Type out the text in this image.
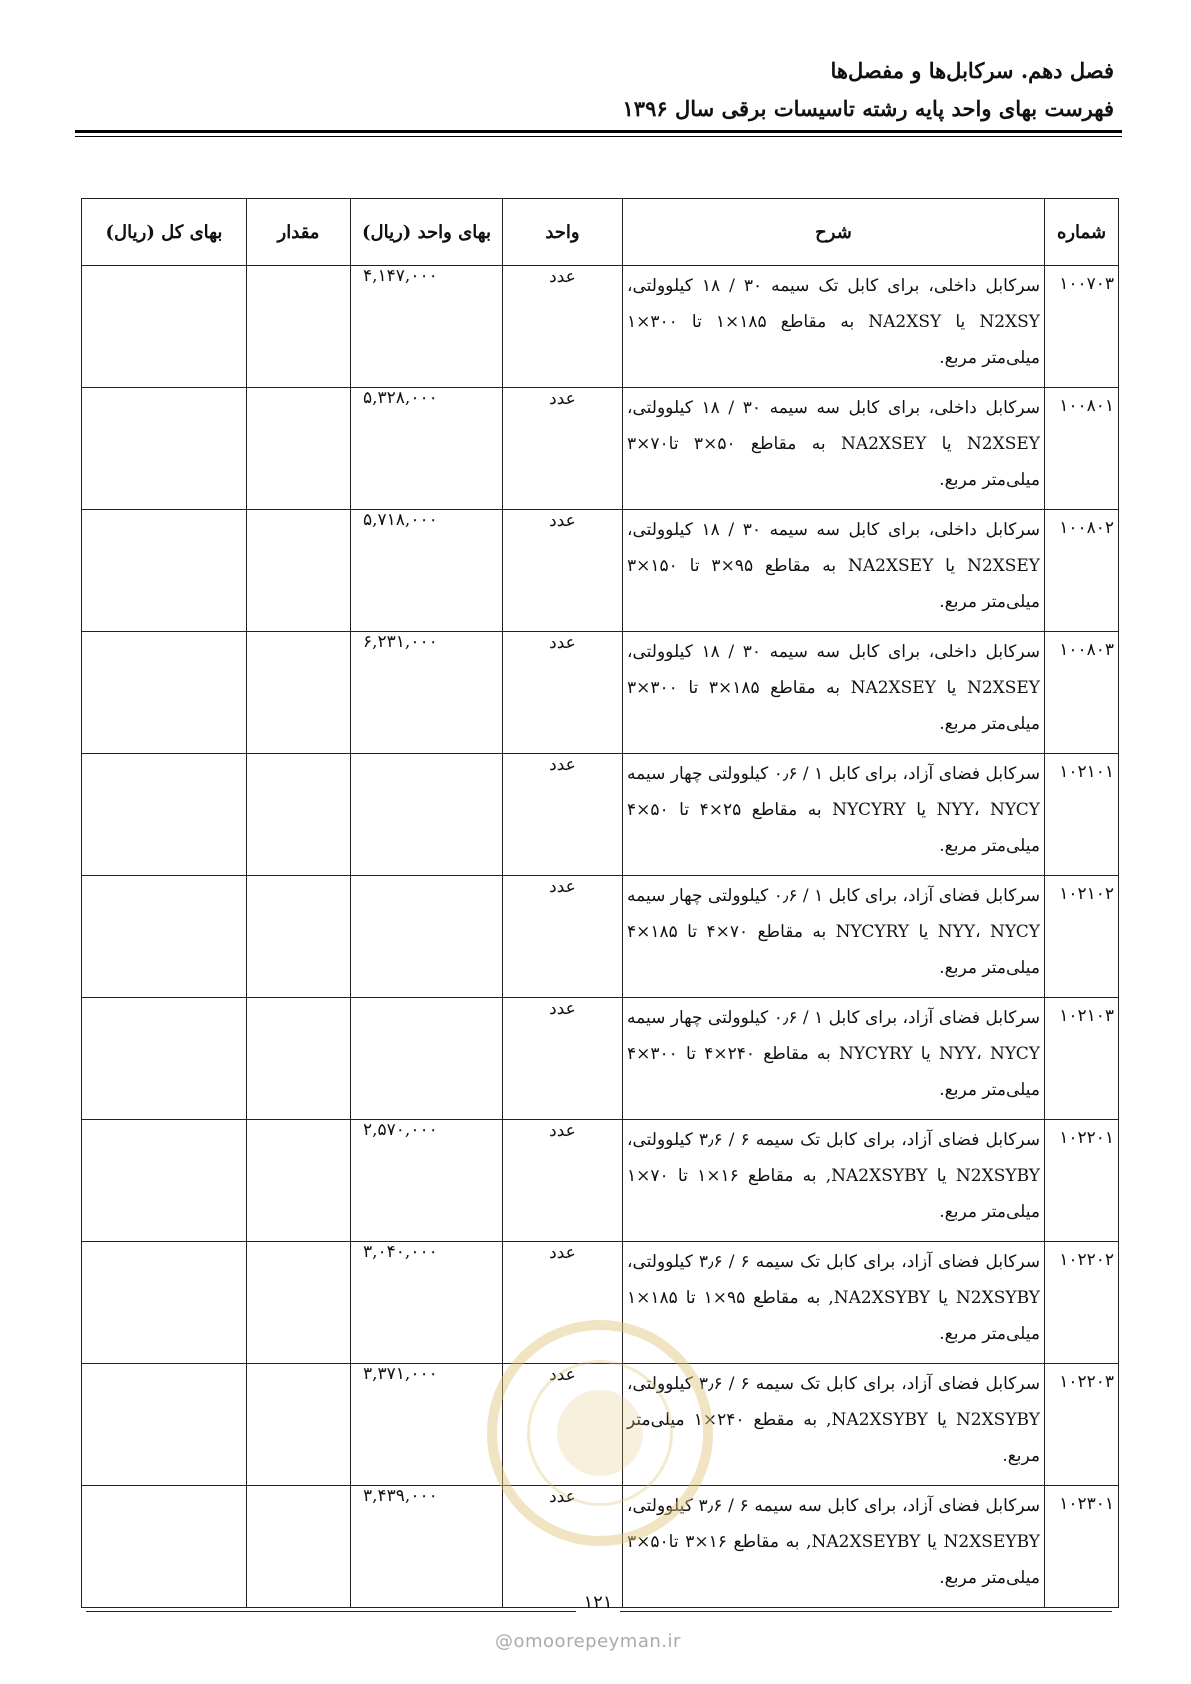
فصل دهم. سرکابل‌ها و مفصل‌ها
فهرست بهای واحد پایه رشته تاسیسات برقی سال ۱۳۹۶
شماره	شرح	واحد	بهای واحد (ریال)	مقدار	بهای کل (ریال)
۱۰۰۷۰۳	سرکابل داخلی، برای کابل تک سیمه ۳۰ / ۱۸ کیلوولتی، N2XSY یا NA2XSY به مقاطع ۱۸۵×۱ تا ۳۰۰×۱ میلی‌متر مربع.	عدد	۴,۱۴۷,۰۰۰		
۱۰۰۸۰۱	سرکابل داخلی، برای کابل سه سیمه ۳۰ / ۱۸ کیلوولتی، N2XSEY یا NA2XSEY به مقاطع ۵۰×۳ تا۷۰×۳ میلی‌متر مربع.	عدد	۵,۳۲۸,۰۰۰		
۱۰۰۸۰۲	سرکابل داخلی، برای کابل سه سیمه ۳۰ / ۱۸ کیلوولتی، N2XSEY یا NA2XSEY به مقاطع ۹۵×۳ تا ۱۵۰×۳ میلی‌متر مربع.	عدد	۵,۷۱۸,۰۰۰		
۱۰۰۸۰۳	سرکابل داخلی، برای کابل سه سیمه ۳۰ / ۱۸ کیلوولتی، N2XSEY یا NA2XSEY به مقاطع ۱۸۵×۳ تا ۳۰۰×۳ میلی‌متر مربع.	عدد	۶,۲۳۱,۰۰۰		
۱۰۲۱۰۱	سرکابل فضای آزاد، برای کابل ۱ / ۰٫۶ کیلوولتی چهار سیمه NYY، NYCY یا NYCYRY به مقاطع ۲۵×۴ تا ۵۰×۴ میلی‌متر مربع.	عدد			
۱۰۲۱۰۲	سرکابل فضای آزاد، برای کابل ۱ / ۰٫۶ کیلوولتی چهار سیمه NYY، NYCY یا NYCYRY به مقاطع ۷۰×۴ تا ۱۸۵×۴ میلی‌متر مربع.	عدد			
۱۰۲۱۰۳	سرکابل فضای آزاد، برای کابل ۱ / ۰٫۶ کیلوولتی چهار سیمه NYY، NYCY یا NYCYRY به مقاطع ۲۴۰×۴ تا ۳۰۰×۴ میلی‌متر مربع.	عدد			
۱۰۲۲۰۱	سرکابل فضای آزاد، برای کابل تک سیمه ۶ / ۳٫۶ کیلوولتی، N2XSYBY یا NA2XSYBY, به مقاطع ۱۶×۱ تا ۷۰×۱ میلی‌متر مربع.	عدد	۲,۵۷۰,۰۰۰		
۱۰۲۲۰۲	سرکابل فضای آزاد، برای کابل تک سیمه ۶ / ۳٫۶ کیلوولتی، N2XSYBY یا NA2XSYBY, به مقاطع ۹۵×۱ تا ۱۸۵×۱ میلی‌متر مربع.	عدد	۳,۰۴۰,۰۰۰		
۱۰۲۲۰۳	سرکابل فضای آزاد، برای کابل تک سیمه ۶ / ۳٫۶ کیلوولتی، N2XSYBY یا NA2XSYBY, به مقطع ۲۴۰×۱ میلی‌متر مربع.	عدد	۳,۳۷۱,۰۰۰		
۱۰۲۳۰۱	سرکابل فضای آزاد، برای کابل سه سیمه ۶ / ۳٫۶ کیلوولتی، N2XSEYBY یا NA2XSEYBY, به مقاطع ۱۶×۳ تا۵۰×۳ میلی‌متر مربع.	عدد	۳,۴۳۹,۰۰۰		
۱۲۱
@omoorepeyman.ir
